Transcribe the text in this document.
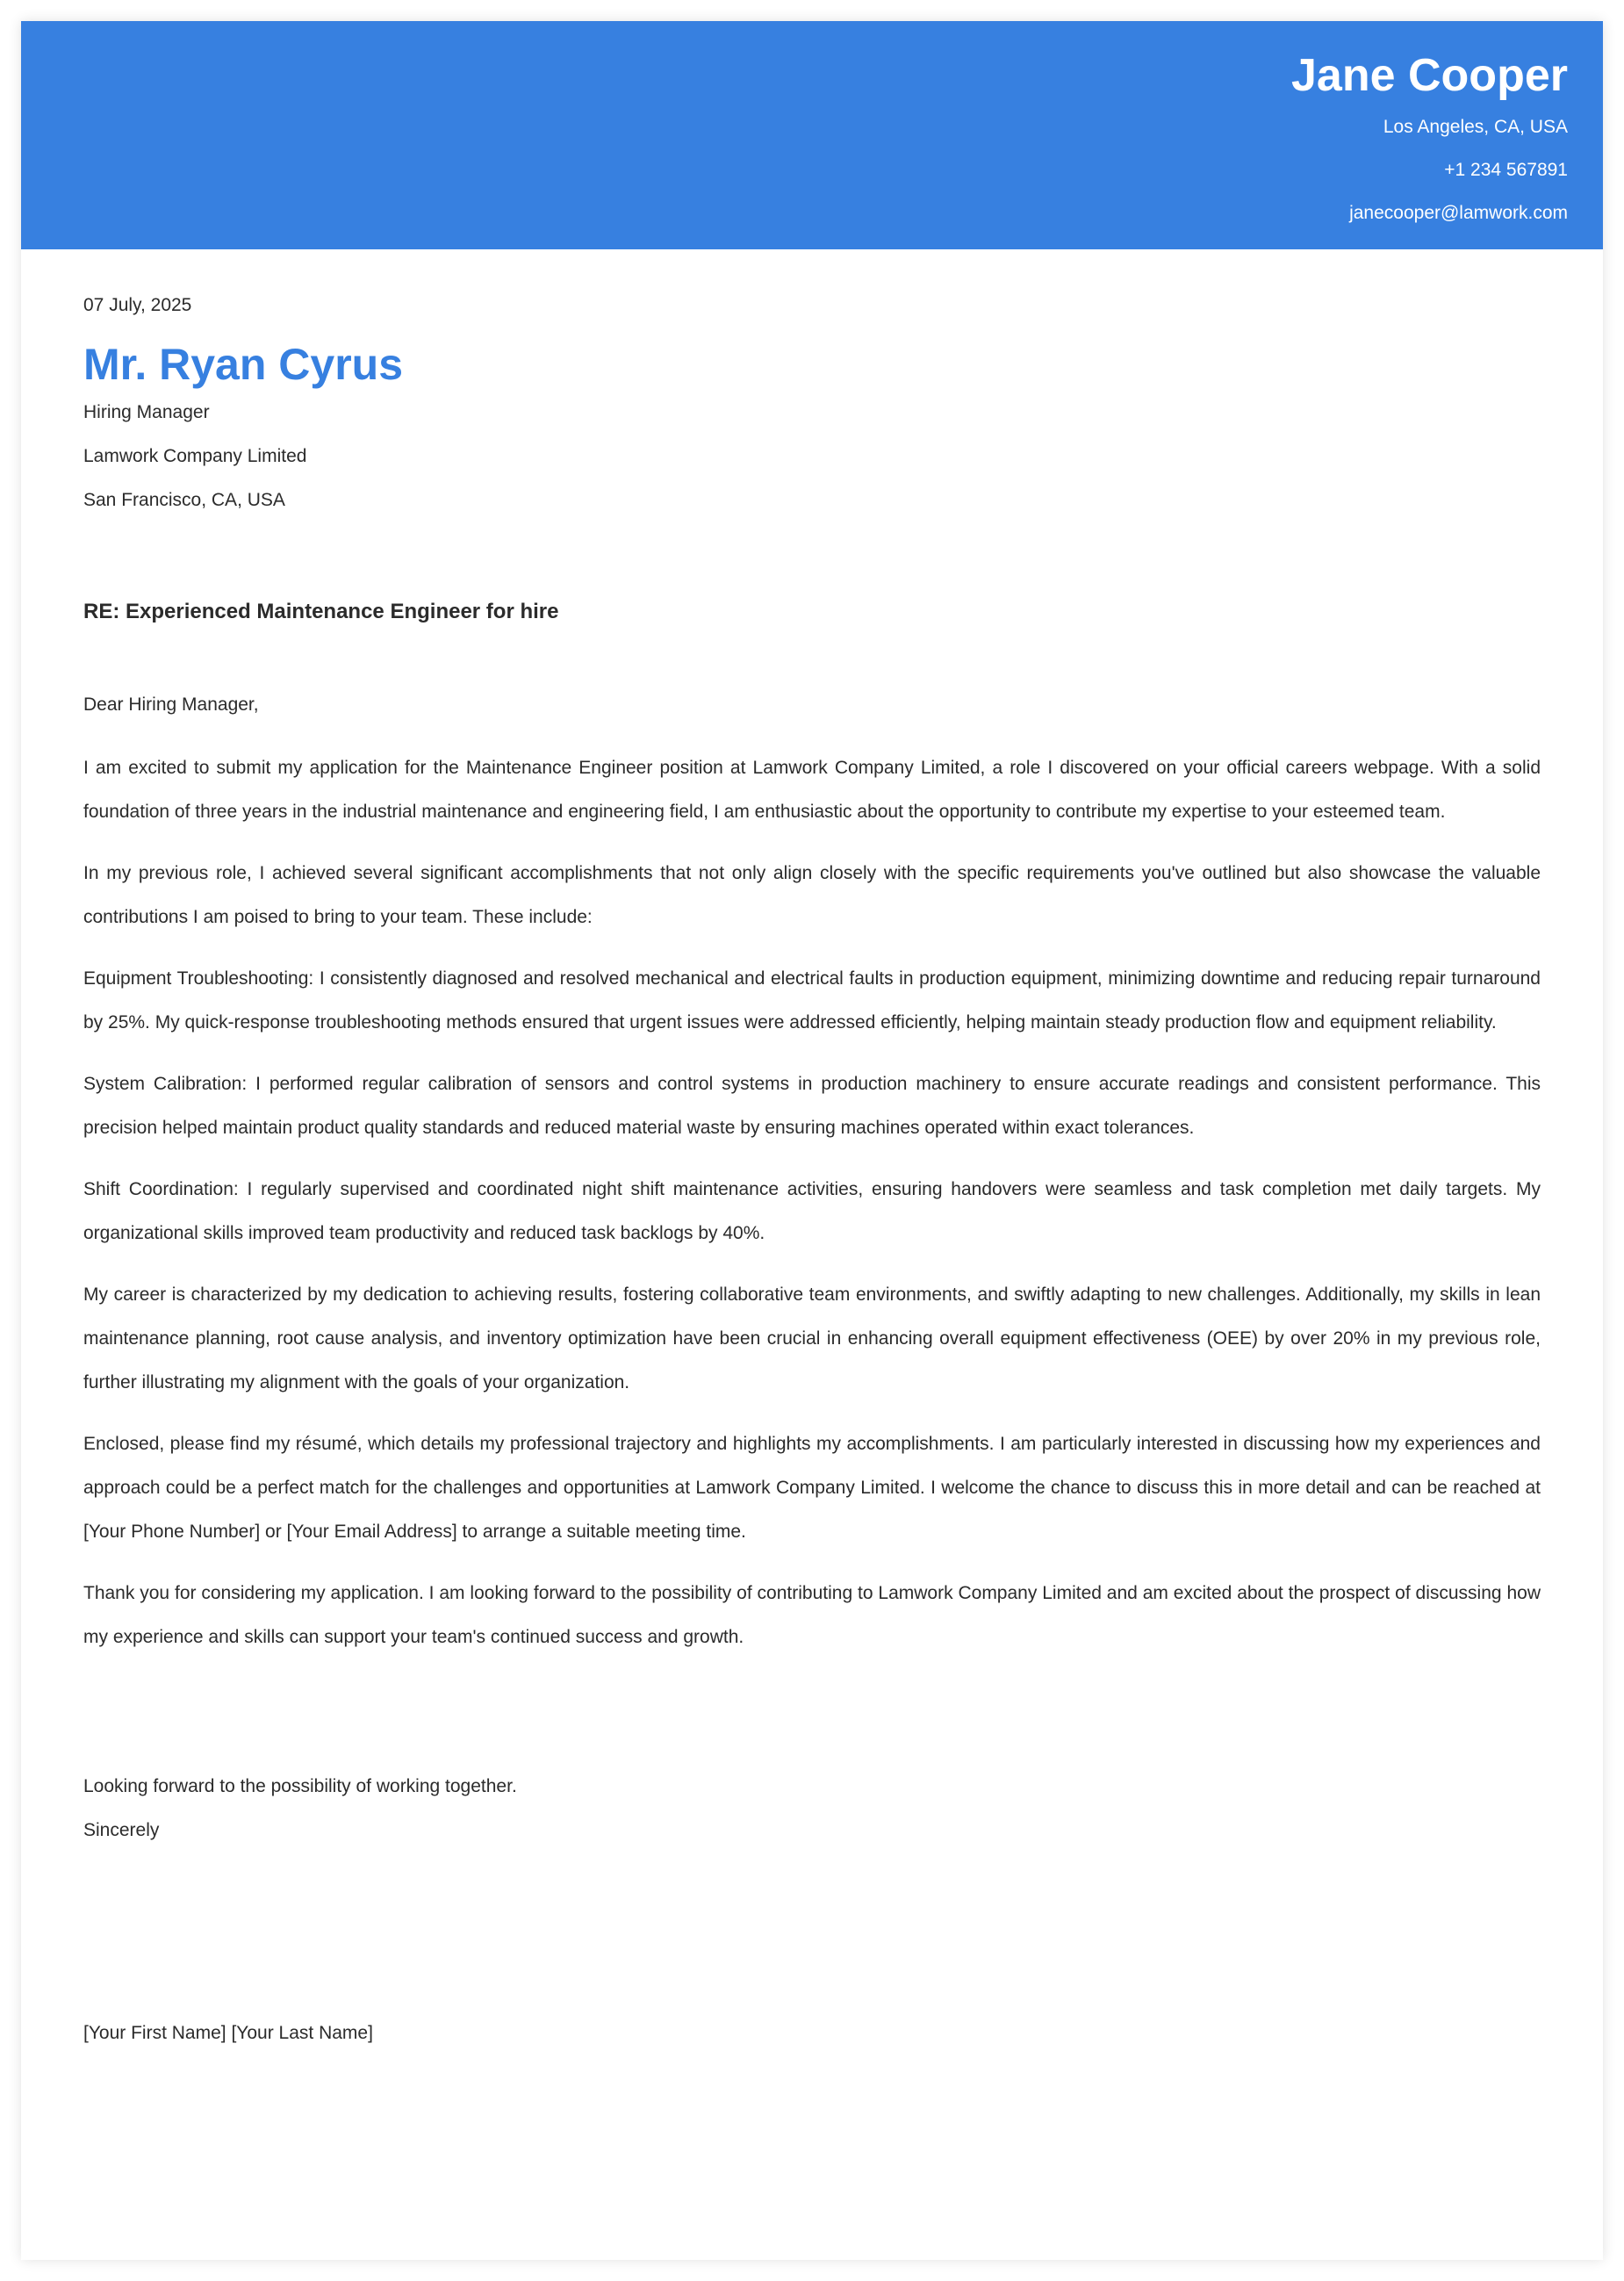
Jane Cooper
Los Angeles, CA, USA
+1 234 567891
janecooper@lamwork.com
07 July, 2025
Mr. Ryan Cyrus
Hiring Manager
Lamwork Company Limited
San Francisco, CA, USA
RE: Experienced Maintenance Engineer for hire
Dear Hiring Manager,

I am excited to submit my application for the Maintenance Engineer position at Lamwork Company Limited, a role I discovered on your official careers webpage. With a solid foundation of three years in the industrial maintenance and engineering field, I am enthusiastic about the opportunity to contribute my expertise to your esteemed team.

In my previous role, I achieved several significant accomplishments that not only align closely with the specific requirements you've outlined but also showcase the valuable contributions I am poised to bring to your team. These include:

Equipment Troubleshooting: I consistently diagnosed and resolved mechanical and electrical faults in production equipment, minimizing downtime and reducing repair turnaround by 25%. My quick-response troubleshooting methods ensured that urgent issues were addressed efficiently, helping maintain steady production flow and equipment reliability.

System Calibration: I performed regular calibration of sensors and control systems in production machinery to ensure accurate readings and consistent performance. This precision helped maintain product quality standards and reduced material waste by ensuring machines operated within exact tolerances.

Shift Coordination: I regularly supervised and coordinated night shift maintenance activities, ensuring handovers were seamless and task completion met daily targets. My organizational skills improved team productivity and reduced task backlogs by 40%.

My career is characterized by my dedication to achieving results, fostering collaborative team environments, and swiftly adapting to new challenges. Additionally, my skills in lean maintenance planning, root cause analysis, and inventory optimization have been crucial in enhancing overall equipment effectiveness (OEE) by over 20% in my previous role, further illustrating my alignment with the goals of your organization.

Enclosed, please find my résumé, which details my professional trajectory and highlights my accomplishments. I am particularly interested in discussing how my experiences and approach could be a perfect match for the challenges and opportunities at Lamwork Company Limited. I welcome the chance to discuss this in more detail and can be reached at [Your Phone Number] or [Your Email Address] to arrange a suitable meeting time.

Thank you for considering my application. I am looking forward to the possibility of contributing to Lamwork Company Limited and am excited about the prospect of discussing how my experience and skills can support your team's continued success and growth.

Looking forward to the possibility of working together.
Sincerely
[Your First Name] [Your Last Name]
